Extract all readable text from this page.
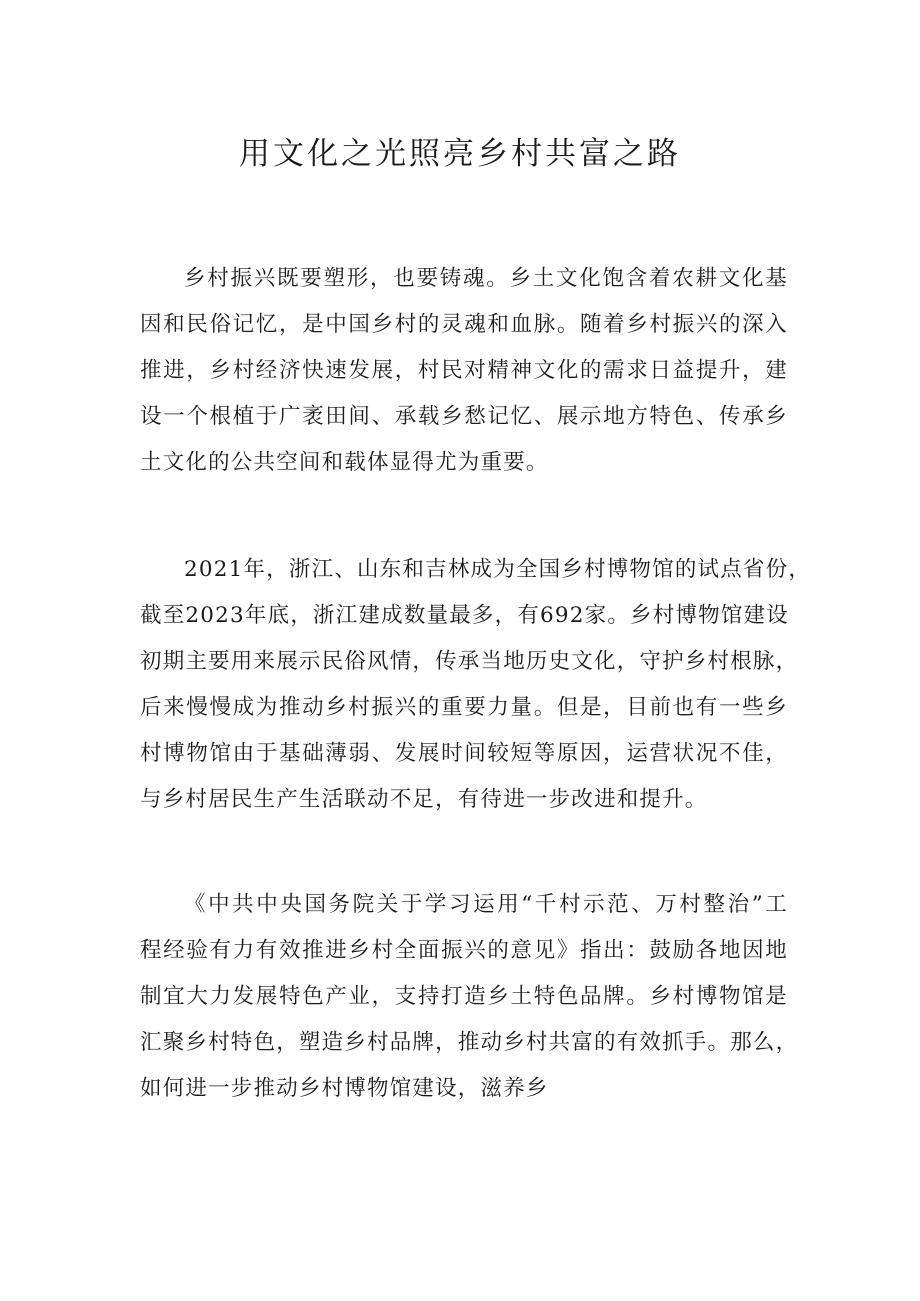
用文化之光照亮乡村共富之路
乡村振兴既要塑形，也要铸魂。乡土文化饱含着农耕文化基
因和民俗记忆，是中国乡村的灵魂和血脉。随着乡村振兴的深入
推进，乡村经济快速发展，村民对精神文化的需求日益提升，建
设一个根植于广袤田间、承载乡愁记忆、展示地方特色、传承乡
土文化的公共空间和载体显得尤为重要。
2021年，浙江、山东和吉林成为全国乡村博物馆的试点省份，
截至2023年底，浙江建成数量最多，有692家。乡村博物馆建设
初期主要用来展示民俗风情，传承当地历史文化，守护乡村根脉，
后来慢慢成为推动乡村振兴的重要力量。但是，目前也有一些乡
村博物馆由于基础薄弱、发展时间较短等原因，运营状况不佳，
与乡村居民生产生活联动不足，有待进一步改进和提升。
《中共中央国务院关于学习运用“千村示范、万村整治”工
程经验有力有效推进乡村全面振兴的意见》指出：鼓励各地因地
制宜大力发展特色产业，支持打造乡土特色品牌。乡村博物馆是
汇聚乡村特色，塑造乡村品牌，推动乡村共富的有效抓手。那么，
如何进一步推动乡村博物馆建设，滋养乡
